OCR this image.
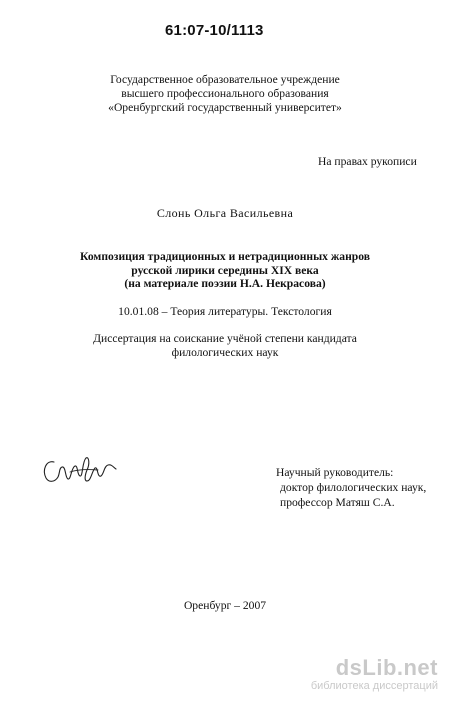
61:07-10/1113
Государственное образовательное учреждение
высшего профессионального образования
«Оренбургский государственный университет»
На правах рукописи
Слонь Ольга Васильевна
Композиция традиционных и нетрадиционных жанров
русской лирики середины XIX века
(на материале поэзии Н.А. Некрасова)
10.01.08 – Теория литературы. Текстология
Диссертация на соискание учёной степени кандидата
филологических наук
Научный руководитель:
доктор филологических наук,
профессор Матяш С.А.
Оренбург – 2007
dsLib.net
библиотека диссертаций
